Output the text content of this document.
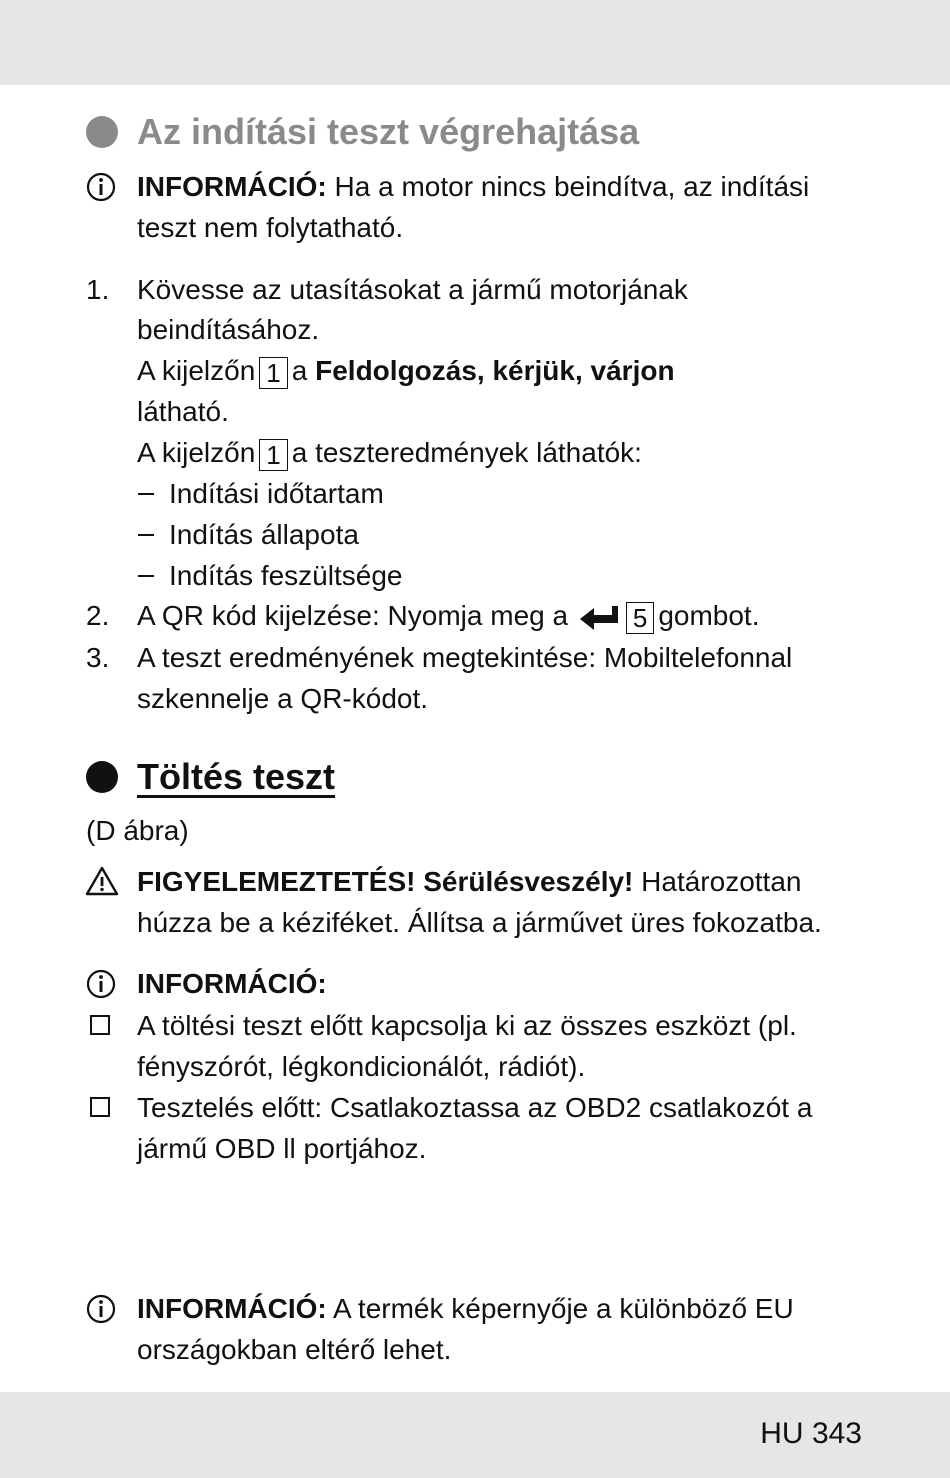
Az indítási teszt végrehajtása
INFORMÁCIÓ: Ha a motor nincs beindítva, az indítási
teszt nem folytatható.
1. Kövesse az utasításokat a jármű motorjának
beindításához.
A kijelzőn 1 a Feldolgozás, kérjük, várjon
látható.
A kijelzőn 1 a teszteredmények láthatók:
Indítási időtartam
Indítás állapota
Indítás feszültsége
2. A QR kód kijelzése: Nyomja meg a 5 gombot.
3. A teszt eredményének megtekintése: Mobiltelefonnal
szkennelje a QR-kódot.
Töltés teszt
(D ábra)
FIGYELEMEZTETÉS! Sérülésveszély! Határozottan
húzza be a kéziféket. Állítsa a járművet üres fokozatba.
INFORMÁCIÓ:
A töltési teszt előtt kapcsolja ki az összes eszközt (pl.
fényszórót, légkondicionálót, rádiót).
Tesztelés előtt: Csatlakoztassa az OBD2 csatlakozót a
jármű OBD ll portjához.
INFORMÁCIÓ: A termék képernyője a különböző EU
országokban eltérő lehet.
HU 343
